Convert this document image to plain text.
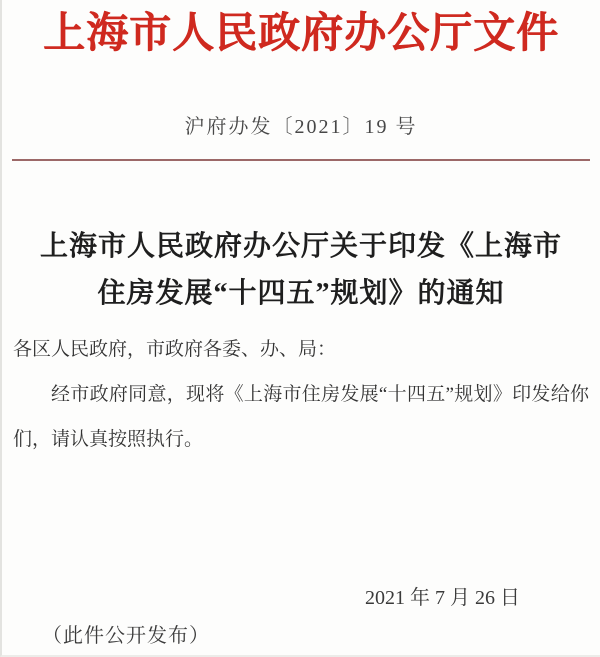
上海市人民政府办公厅文件
沪府办发〔2021〕19 号
上海市人民政府办公厅关于印发《上海市
住房发展“十四五”规划》的通知
各区人民政府，市政府各委、办、局：
经市政府同意，现将《上海市住房发展“十四五”规划》印发给你们，请认真按照执行。
2021 年 7 月 26 日
（此件公开发布）
